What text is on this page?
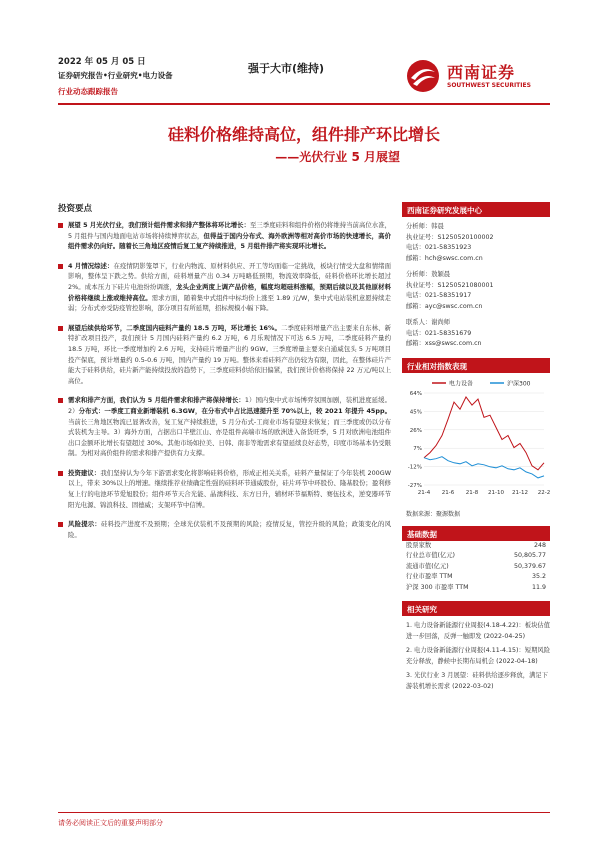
2022 年 05 月 05 日
证券研究报告•行业研究•电力设备
行业动态跟踪报告
强于大市(维持)	西南证券
SOUTHWEST SECURITIES
硅料价格维持高位，组件排产环比增长
——光伏行业 5 月展望
投资要点
展望 5 月光伏行业，我们预计组件需求和排产整体将环比增长：至三季度硅料和组件价格仍将维持当前高位水准，5 月组件与国内地面电站市场将持续博弈状态，但得益于国内分布式、海外欧洲等相对高价市场的快速增长，高价组件需求仍向好。随着长三角地区疫情后复工复产持续推进，5 月组件排产将实现环比增长。
4 月情况综述：在疫情阴影笼罩下，行业内物流、原材料供应、开工等均面临一定挑战，板块行情受大盘和情绪面影响，整体呈下跌之势。供给方面，硅料增量产出 0.34 万吨略低预期，物流效率降低，硅料价格环比增长超过 2%。成本压力下硅片电池纷纷调涨，龙头企业两度上调产品价格，幅度均超硅料涨幅，预期后续以及其他原材料价格将继续上涨或维持高位。需求方面，随着集中式组件中标均价上涨至 1.89 元/W，集中式电站装机意愿持续走弱；分布式亦受防疫管控影响，部分项目有所延期，招标规模小幅下降。
展望后续供给环节，二季度国内硅料产量约 18.5 万吨，环比增长 16%。二季度硅料增量产出主要来自东林、新特扩改项目投产，我们预计 5 月国内硅料产量约 6.2 万吨，6 月乐观情况下可达 6.5 万吨，二季度硅料产量约 18.5 万吨，环比一季度增加约 2.6 万吨，支持硅片增量产出约 9GW。三季度增量主要来自通威包头 5 万吨项目投产保底，预计增量约 0.5-0.6 万吨，国内产量约 19 万吨。整体来看硅料产出仍较为有限，因此，在整体硅片产能大于硅料供给，硅片新产能持续投放的趋势下，三季度硅料供给依旧偏紧，我们预计价格将保持 22 万元/吨以上高位。
需求和排产方面，我们认为 5 月组件需求和排产将保持增长：1）国内集中式市场博弈氛围加剧，装机进度延缓。2）分布式：一季度工商业新增装机 6.3GW，在分布式中占比迅速提升至 70%以上，较 2021 年提升 45pp。当前长三角地区物流已显著改善，复工复产持续推进，5 月分布式-工商业市场有望迎来恢复；而三季度或仍以分布式装机为主导。3）海外方面，占据出口半壁江山、亦是组件高端市场的欧洲进入备货旺季，5 月对欧洲电池组件出口金额环比增长有望超过 30%。其他市场如拉美、日韩、南非等地需求有望延续良好态势，印度市场基本仍受限制。为相对高价组件的需求和排产提供有力支撑。
投资建议：我们坚持认为今年下游需求变化将影响硅料价格，形成正相关关系，硅料产量保证了今年装机 200GW 以上，带来 30%以上的增速。继续推荐业绩确定性强的硅料环节通威股份，硅片环节中环股份、隆基股份；盈利修复上行的电池环节爱旭股份；组件环节天合光能、晶澳科技、东方日升，辅材环节福斯特、赛伍技术，逆变器环节阳光电源、锦浪科技、固德威；支架环节中信博。
风险提示：硅料投产进度不及预期；全球光伏装机不及预期的风险；疫情反复，管控升级的风险；政策变化的风险。
西南证券研究发展中心
分析师：韩晨
执业证号：S1250520100002
电话：021-58351923
邮箱：hch@swsc.com.cn
分析师：敖颖晨
执业证号：S1250521080001
电话：021-58351917
邮箱：ayc@swsc.com.cn
联系人：谢尚师
电话：021-58351679
邮箱：xss@swsc.com.cn
行业相对指数表现
电力设备	沪深300
64%
45%
26%
7%
-12%
-27%
21-4 21-6 21-8 21-10 21-12 22-2
数据来源：聚源数据
基础数据
股票家数	248
行业总市值(亿元)	50,805.77
流通市值(亿元)	50,379.67
行业市盈率 TTM	35.2
沪深 300 市盈率 TTM	11.9
相关研究
1. 电力设备新能源行业周报(4.18-4.22)：板块估值进一步回落，反弹一触即发 (2022-04-25)
2. 电力设备新能源行业周报(4.11-4.15)：短期风险充分释放，静候中长期布局机会 (2022-04-18)
3. 光伏行业 3 月展望：硅料供给逐步释放，满足下游装机增长需求 (2022-03-02)
请务必阅读正文后的重要声明部分
